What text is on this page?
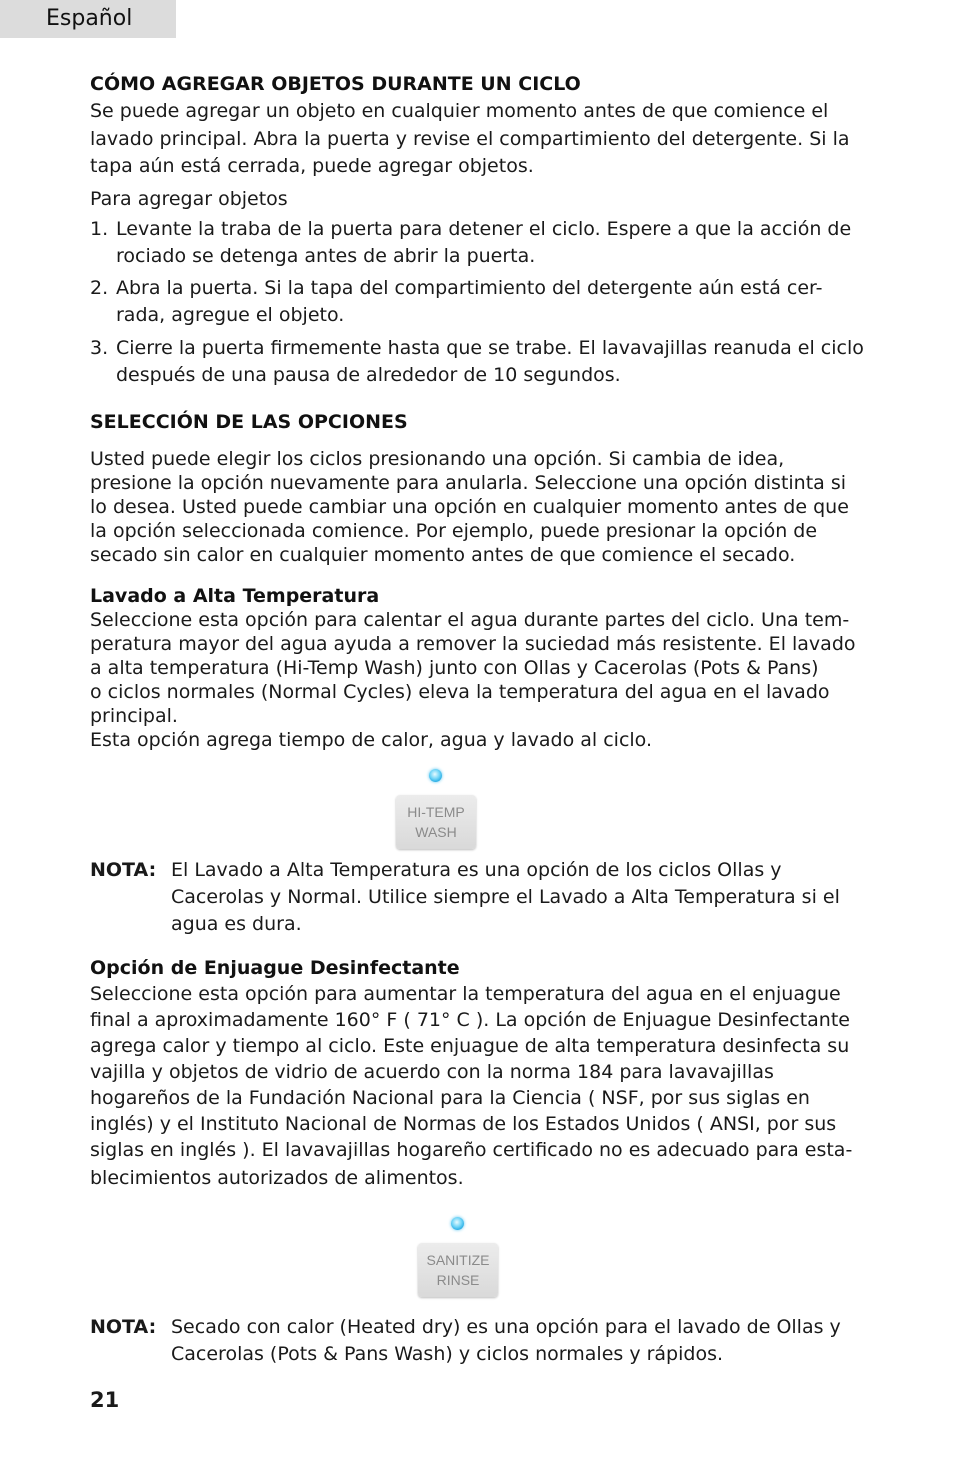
Español
CÓMO AGREGAR OBJETOS DURANTE UN CICLO
Se puede agregar un objeto en cualquier momento antes de que comience el
lavado principal. Abra la puerta y revise el compartimiento del detergente. Si la
tapa aún está cerrada, puede agregar objetos.
Para agregar objetos
1. Levante la traba de la puerta para detener el ciclo. Espere a que la acción de
rociado se detenga antes de abrir la puerta.
2. Abra la puerta. Si la tapa del compartimiento del detergente aún está cer-
rada, agregue el objeto.
3. Cierre la puerta firmemente hasta que se trabe. El lavavajillas reanuda el ciclo
después de una pausa de alrededor de 10 segundos.
SELECCIÓN DE LAS OPCIONES
Usted puede elegir los ciclos presionando una opción. Si cambia de idea,
presione la opción nuevamente para anularla. Seleccione una opción distinta si
lo desea. Usted puede cambiar una opción en cualquier momento antes de que
la opción seleccionada comience. Por ejemplo, puede presionar la opción de
secado sin calor en cualquier momento antes de que comience el secado.
Lavado a Alta Temperatura
Seleccione esta opción para calentar el agua durante partes del ciclo. Una tem-
peratura mayor del agua ayuda a remover la suciedad más resistente. El lavado
a alta temperatura (Hi-Temp Wash) junto con Ollas y Cacerolas (Pots & Pans)
o ciclos normales (Normal Cycles) eleva la temperatura del agua en el lavado
principal.
Esta opción agrega tiempo de calor, agua y lavado al ciclo.
NOTA: El Lavado a Alta Temperatura es una opción de los ciclos Ollas y
Cacerolas y Normal. Utilice siempre el Lavado a Alta Temperatura si el
agua es dura.
Opción de Enjuague Desinfectante
Seleccione esta opción para aumentar la temperatura del agua en el enjuague
final a aproximadamente 160° F ( 71° C ). La opción de Enjuague Desinfectante
agrega calor y tiempo al ciclo. Este enjuague de alta temperatura desinfecta su
vajilla y objetos de vidrio de acuerdo con la norma 184 para lavavajillas
hogareños de la Fundación Nacional para la Ciencia ( NSF, por sus siglas en
inglés) y el Instituto Nacional de Normas de los Estados Unidos ( ANSI, por sus
siglas en inglés ). El lavavajillas hogareño certificado no es adecuado para esta-
blecimientos autorizados de alimentos.
NOTA: Secado con calor (Heated dry) es una opción para el lavado de Ollas y
Cacerolas (Pots & Pans Wash) y ciclos normales y rápidos.
HI-TEMP
WASH
SANITIZE
RINSE
21
